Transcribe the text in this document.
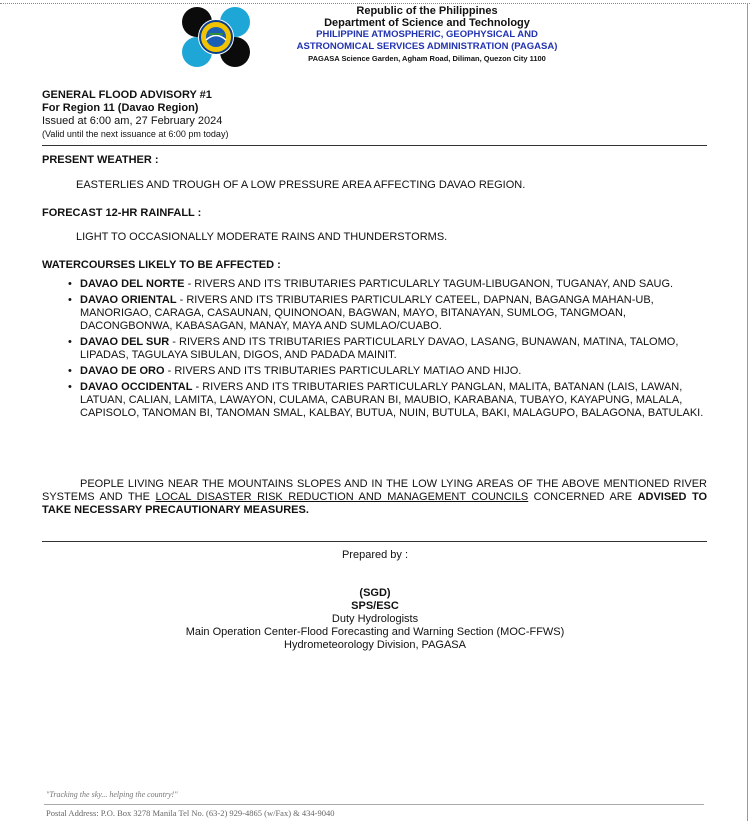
Republic of the Philippines
Department of Science and Technology
PHILIPPINE ATMOSPHERIC, GEOPHYSICAL AND
ASTRONOMICAL SERVICES ADMINISTRATION (PAGASA)
PAGASA Science Garden, Agham Road, Diliman, Quezon City 1100
GENERAL FLOOD ADVISORY #1
For Region 11 (Davao Region)
Issued at 6:00 am, 27 February 2024
(Valid until the next issuance at 6:00 pm today)
PRESENT WEATHER :
EASTERLIES AND TROUGH OF A LOW PRESSURE AREA AFFECTING DAVAO REGION.
FORECAST 12-HR RAINFALL :
LIGHT TO OCCASIONALLY MODERATE RAINS AND THUNDERSTORMS.
WATERCOURSES LIKELY TO BE AFFECTED :
• DAVAO DEL NORTE - RIVERS AND ITS TRIBUTARIES PARTICULARLY TAGUM-LIBUGANON, TUGANAY, AND SAUG.
• DAVAO ORIENTAL - RIVERS AND ITS TRIBUTARIES PARTICULARLY CATEEL, DAPNAN, BAGANGA MAHAN-UB, MANORIGAO, CARAGA, CASAUNAN, QUINONOAN, BAGWAN, MAYO, BITANAYAN, SUMLOG, TANGMOAN, DACONGBONWA, KABASAGAN, MANAY, MAYA AND SUMLAO/CUABO.
• DAVAO DEL SUR - RIVERS AND ITS TRIBUTARIES PARTICULARLY DAVAO, LASANG, BUNAWAN, MATINA, TALOMO, LIPADAS, TAGULAYA SIBULAN, DIGOS, AND PADADA MAINIT.
• DAVAO DE ORO - RIVERS AND ITS TRIBUTARIES PARTICULARLY MATIAO AND HIJO.
• DAVAO OCCIDENTAL - RIVERS AND ITS TRIBUTARIES PARTICULARLY PANGLAN, MALITA, BATANAN (LAIS, LAWAN, LATUAN, CALIAN, LAMITA, LAWAYON, CULAMA, CABURAN BI, MAUBIO, KARABANA, TUBAYO, KAYAPUNG, MALALA, CAPISOLO, TANOMAN BI, TANOMAN SMAL, KALBAY, BUTUA, NUIN, BUTULA, BAKI, MALAGUPO, BALAGONA, BATULAKI.
PEOPLE LIVING NEAR THE MOUNTAINS SLOPES AND IN THE LOW LYING AREAS OF THE ABOVE MENTIONED RIVER SYSTEMS AND THE LOCAL DISASTER RISK REDUCTION AND MANAGEMENT COUNCILS CONCERNED ARE ADVISED TO TAKE NECESSARY PRECAUTIONARY MEASURES.
Prepared by :
(SGD)
SPS/ESC
Duty Hydrologists
Main Operation Center-Flood Forecasting and Warning Section (MOC-FFWS)
Hydrometeorology Division, PAGASA
"Tracking the sky... helping the country!"
Postal Address: P.O. Box 3278 Manila Tel No. (63-2) 929-4865 (w/Fax) & 434-9040
